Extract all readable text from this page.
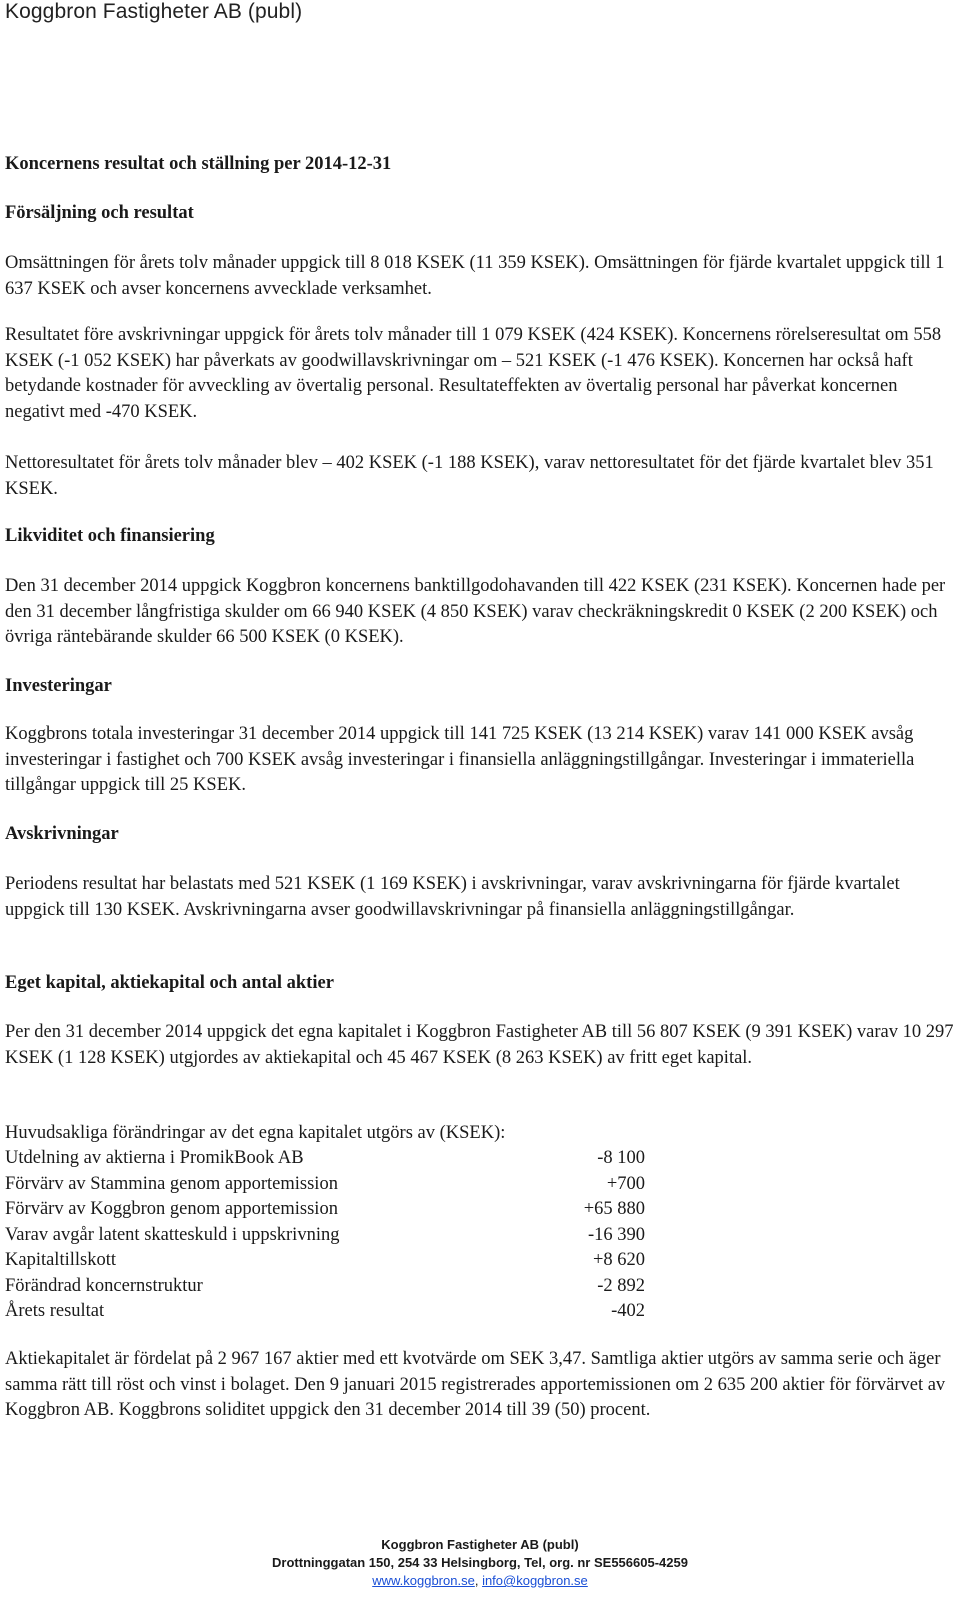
Koggbron Fastigheter AB (publ)
Koncernens resultat och ställning per 2014-12-31
Försäljning och resultat

Omsättningen för årets tolv månader uppgick till 8 018 KSEK (11 359 KSEK). Omsättningen för fjärde kvartalet uppgick till 1 637 KSEK och avser koncernens avvecklade verksamhet.

Resultatet före avskrivningar uppgick för årets tolv månader till 1 079 KSEK (424 KSEK). Koncernens rörelseresultat om 558 KSEK (-1 052 KSEK) har påverkats av goodwillavskrivningar om – 521 KSEK (-1 476 KSEK). Koncernen har också haft betydande kostnader för avveckling av övertalig personal. Resultateffekten av övertalig personal har påverkat koncernen negativt med -470 KSEK.

Nettoresultatet för årets tolv månader blev – 402 KSEK (-1 188 KSEK), varav nettoresultatet för det fjärde kvartalet blev 351 KSEK.

Likviditet och finansiering

Den 31 december 2014 uppgick Koggbron koncernens banktillgodohavanden till 422 KSEK (231 KSEK). Koncernen hade per den 31 december långfristiga skulder om 66 940 KSEK (4 850 KSEK) varav checkräkningskredit 0 KSEK (2 200 KSEK) och övriga räntebärande skulder 66 500 KSEK (0 KSEK).

Investeringar

Koggbrons totala investeringar 31 december 2014 uppgick till 141 725 KSEK (13 214 KSEK) varav 141 000 KSEK avsåg investeringar i fastighet och 700 KSEK avsåg investeringar i finansiella anläggningstillgångar. Investeringar i immateriella tillgångar uppgick till 25 KSEK.

Avskrivningar

Periodens resultat har belastats med 521 KSEK (1 169 KSEK) i avskrivningar, varav avskrivningarna för fjärde kvartalet uppgick till 130 KSEK. Avskrivningarna avser goodwillavskrivningar på finansiella anläggningstillgångar.

Eget kapital, aktiekapital och antal aktier

Per den 31 december 2014 uppgick det egna kapitalet i Koggbron Fastigheter AB till 56 807 KSEK (9 391 KSEK) varav 10 297 KSEK (1 128 KSEK) utgjordes av aktiekapital och 45 467 KSEK (8 263 KSEK) av fritt eget kapital.

Huvudsakliga förändringar av det egna kapitalet utgörs av (KSEK):
Utdelning av aktierna i PromikBook AB	-8 100
Förvärv av Stammina genom apportemission	+700
Förvärv av Koggbron genom apportemission	+65 880
Varav avgår latent skatteskuld i uppskrivning	-16 390
Kapitaltillskott	+8 620
Förändrad koncernstruktur	-2 892
Årets resultat	-402

Aktiekapitalet är fördelat på 2 967 167 aktier med ett kvotvärde om SEK 3,47. Samtliga aktier utgörs av samma serie och äger samma rätt till röst och vinst i bolaget. Den 9 januari 2015 registrerades apportemissionen om 2 635 200 aktier för förvärvet av Koggbron AB. Koggbrons soliditet uppgick den 31 december 2014 till 39 (50) procent.

Koggbron Fastigheter AB (publ)
Drottninggatan 150, 254 33 Helsingborg, Tel, org. nr SE556605-4259
www.koggbron.se, info@koggbron.se
